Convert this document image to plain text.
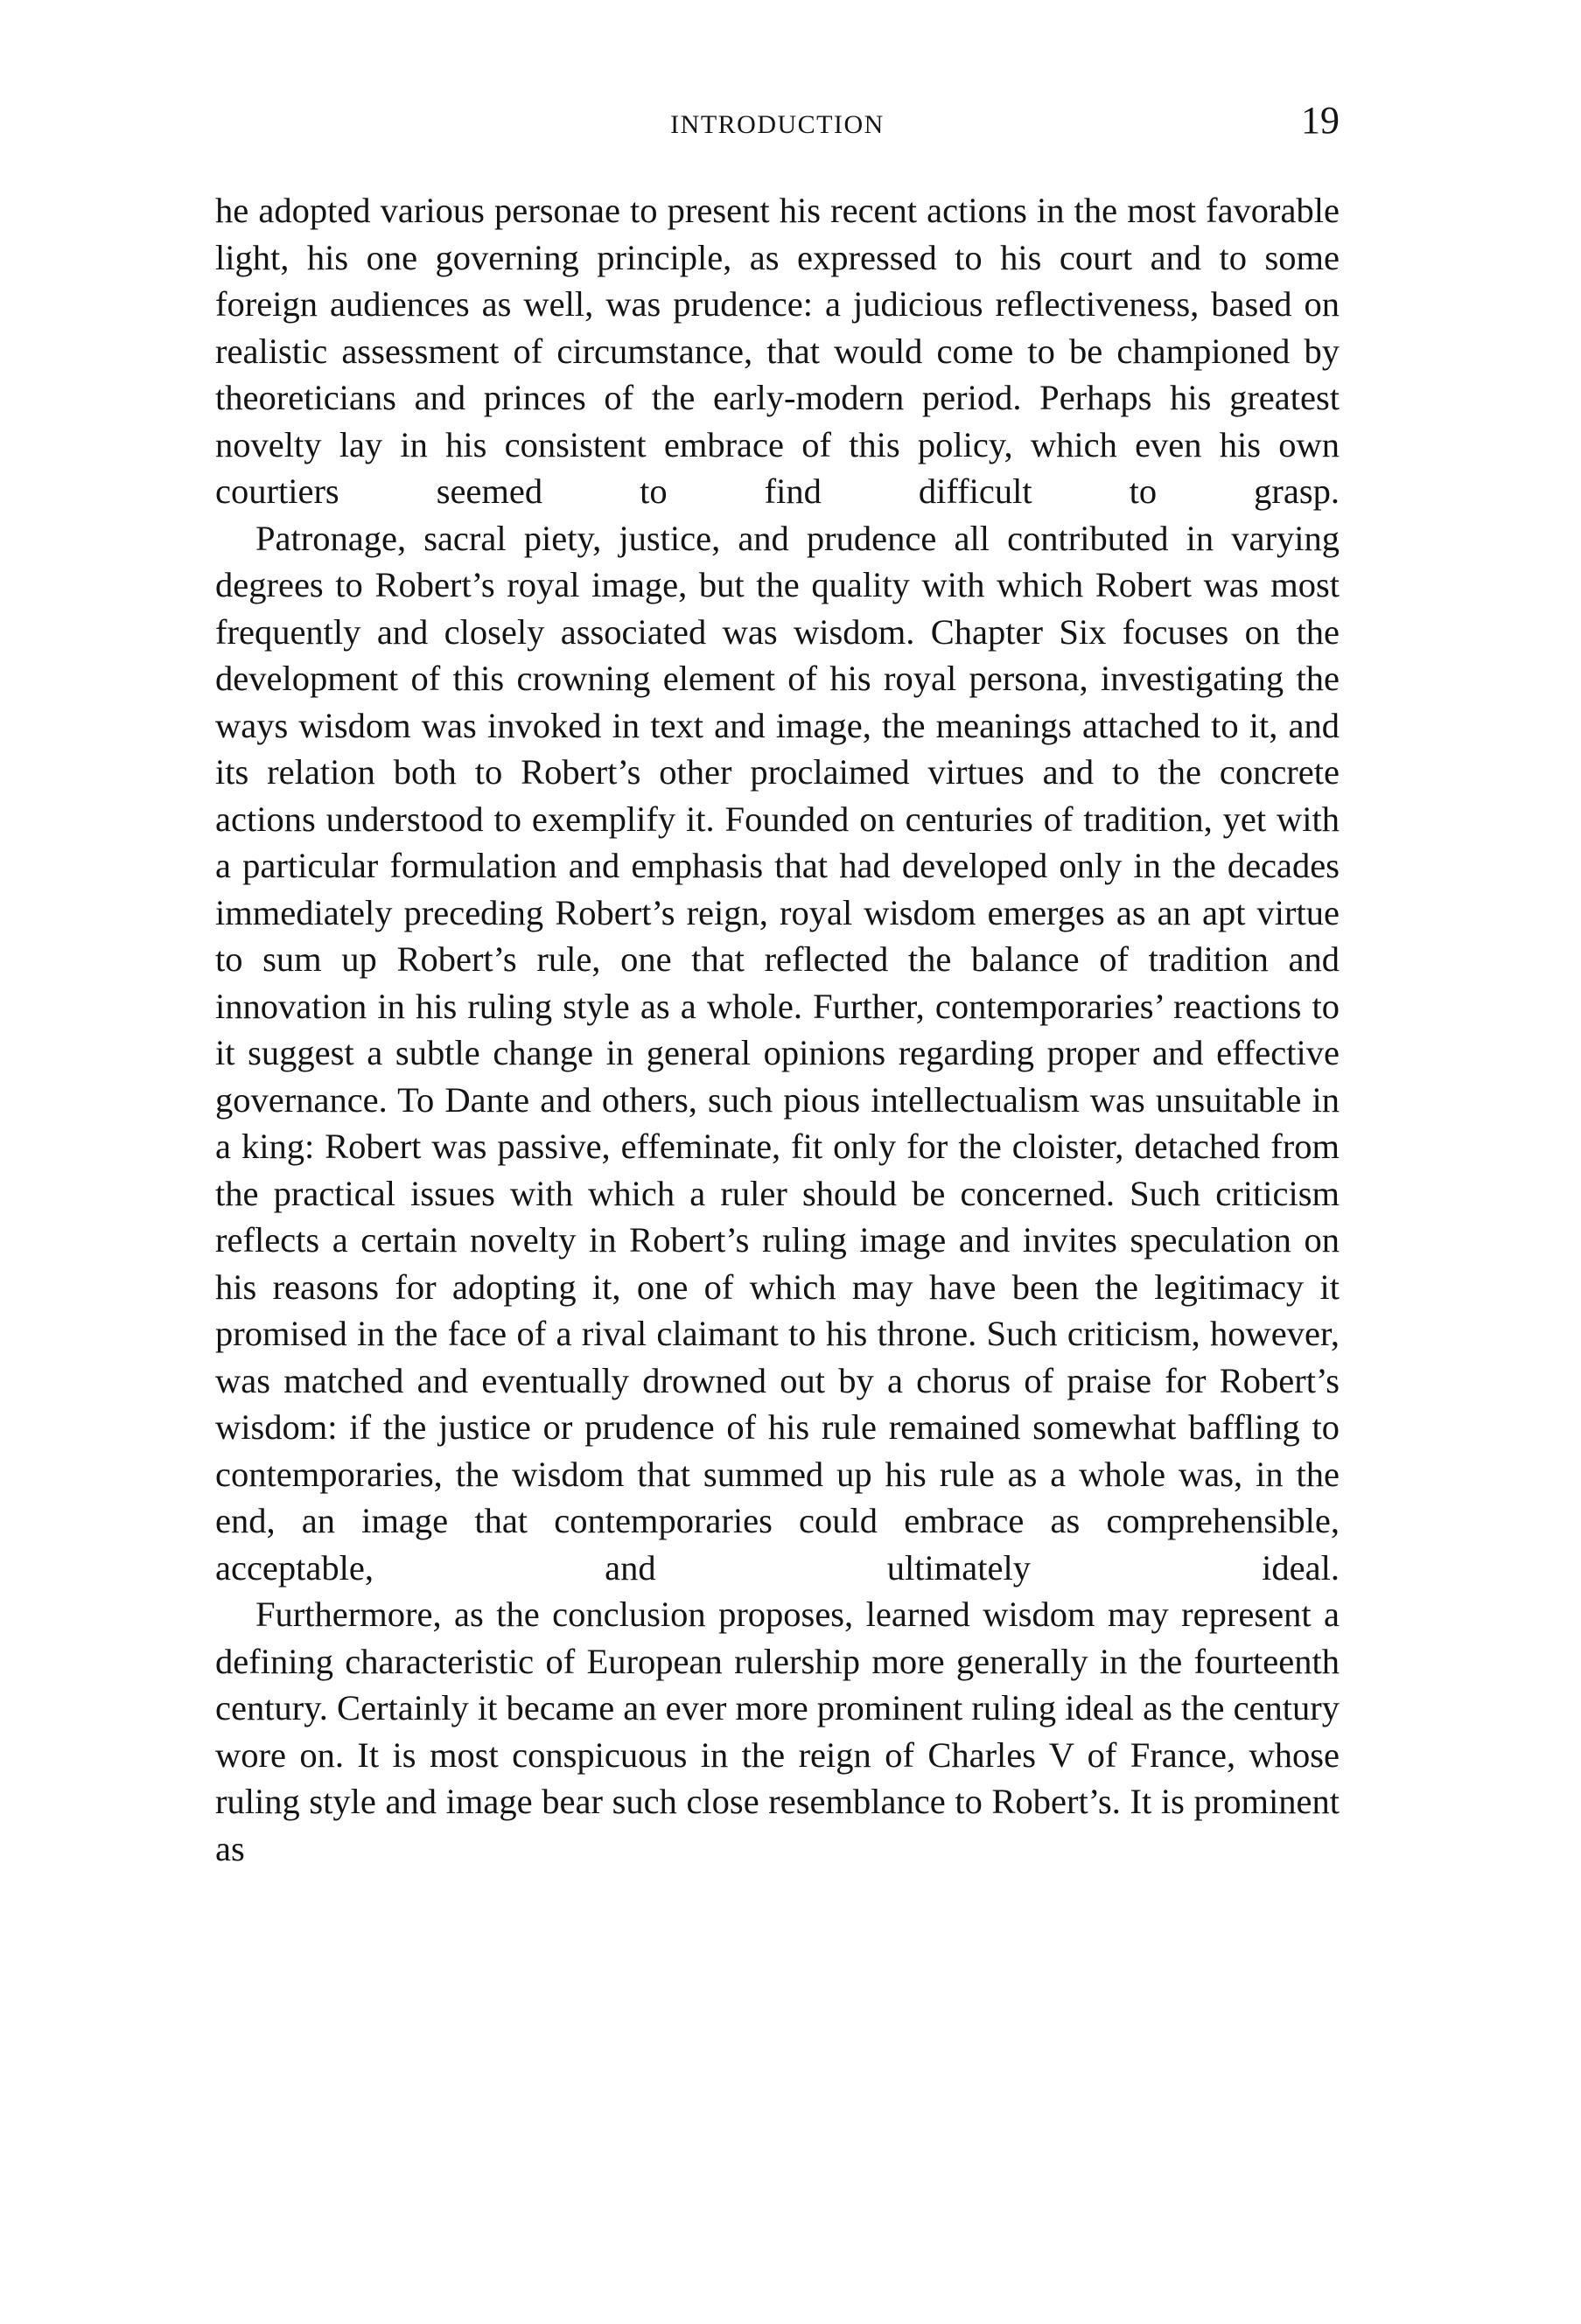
INTRODUCTION	19

he adopted various personae to present his recent actions in the most favorable light, his one governing principle, as expressed to his court and to some foreign audiences as well, was prudence: a judicious reflectiveness, based on realistic assessment of circumstance, that would come to be championed by theoreticians and princes of the early-modern period. Perhaps his greatest novelty lay in his consistent embrace of this policy, which even his own courtiers seemed to find difficult to grasp.

Patronage, sacral piety, justice, and prudence all contributed in varying degrees to Robert’s royal image, but the quality with which Robert was most frequently and closely associated was wisdom. Chapter Six focuses on the development of this crowning element of his royal persona, investigating the ways wisdom was invoked in text and image, the meanings attached to it, and its relation both to Robert’s other proclaimed virtues and to the concrete actions understood to exemplify it. Founded on centuries of tradition, yet with a particular formulation and emphasis that had developed only in the decades immediately preceding Robert’s reign, royal wisdom emerges as an apt virtue to sum up Robert’s rule, one that reflected the balance of tradition and innovation in his ruling style as a whole. Further, contemporaries’ reactions to it suggest a subtle change in general opinions regarding proper and effective governance. To Dante and others, such pious intellectualism was unsuitable in a king: Robert was passive, effeminate, fit only for the cloister, detached from the practical issues with which a ruler should be concerned. Such criticism reflects a certain novelty in Robert’s ruling image and invites speculation on his reasons for adopting it, one of which may have been the legitimacy it promised in the face of a rival claimant to his throne. Such criticism, however, was matched and eventually drowned out by a chorus of praise for Robert’s wisdom: if the justice or prudence of his rule remained somewhat baffling to contemporaries, the wisdom that summed up his rule as a whole was, in the end, an image that contemporaries could embrace as comprehensible, acceptable, and ultimately ideal.

Furthermore, as the conclusion proposes, learned wisdom may represent a defining characteristic of European rulership more generally in the fourteenth century. Certainly it became an ever more prominent ruling ideal as the century wore on. It is most conspicuous in the reign of Charles V of France, whose ruling style and image bear such close resemblance to Robert’s. It is prominent as
